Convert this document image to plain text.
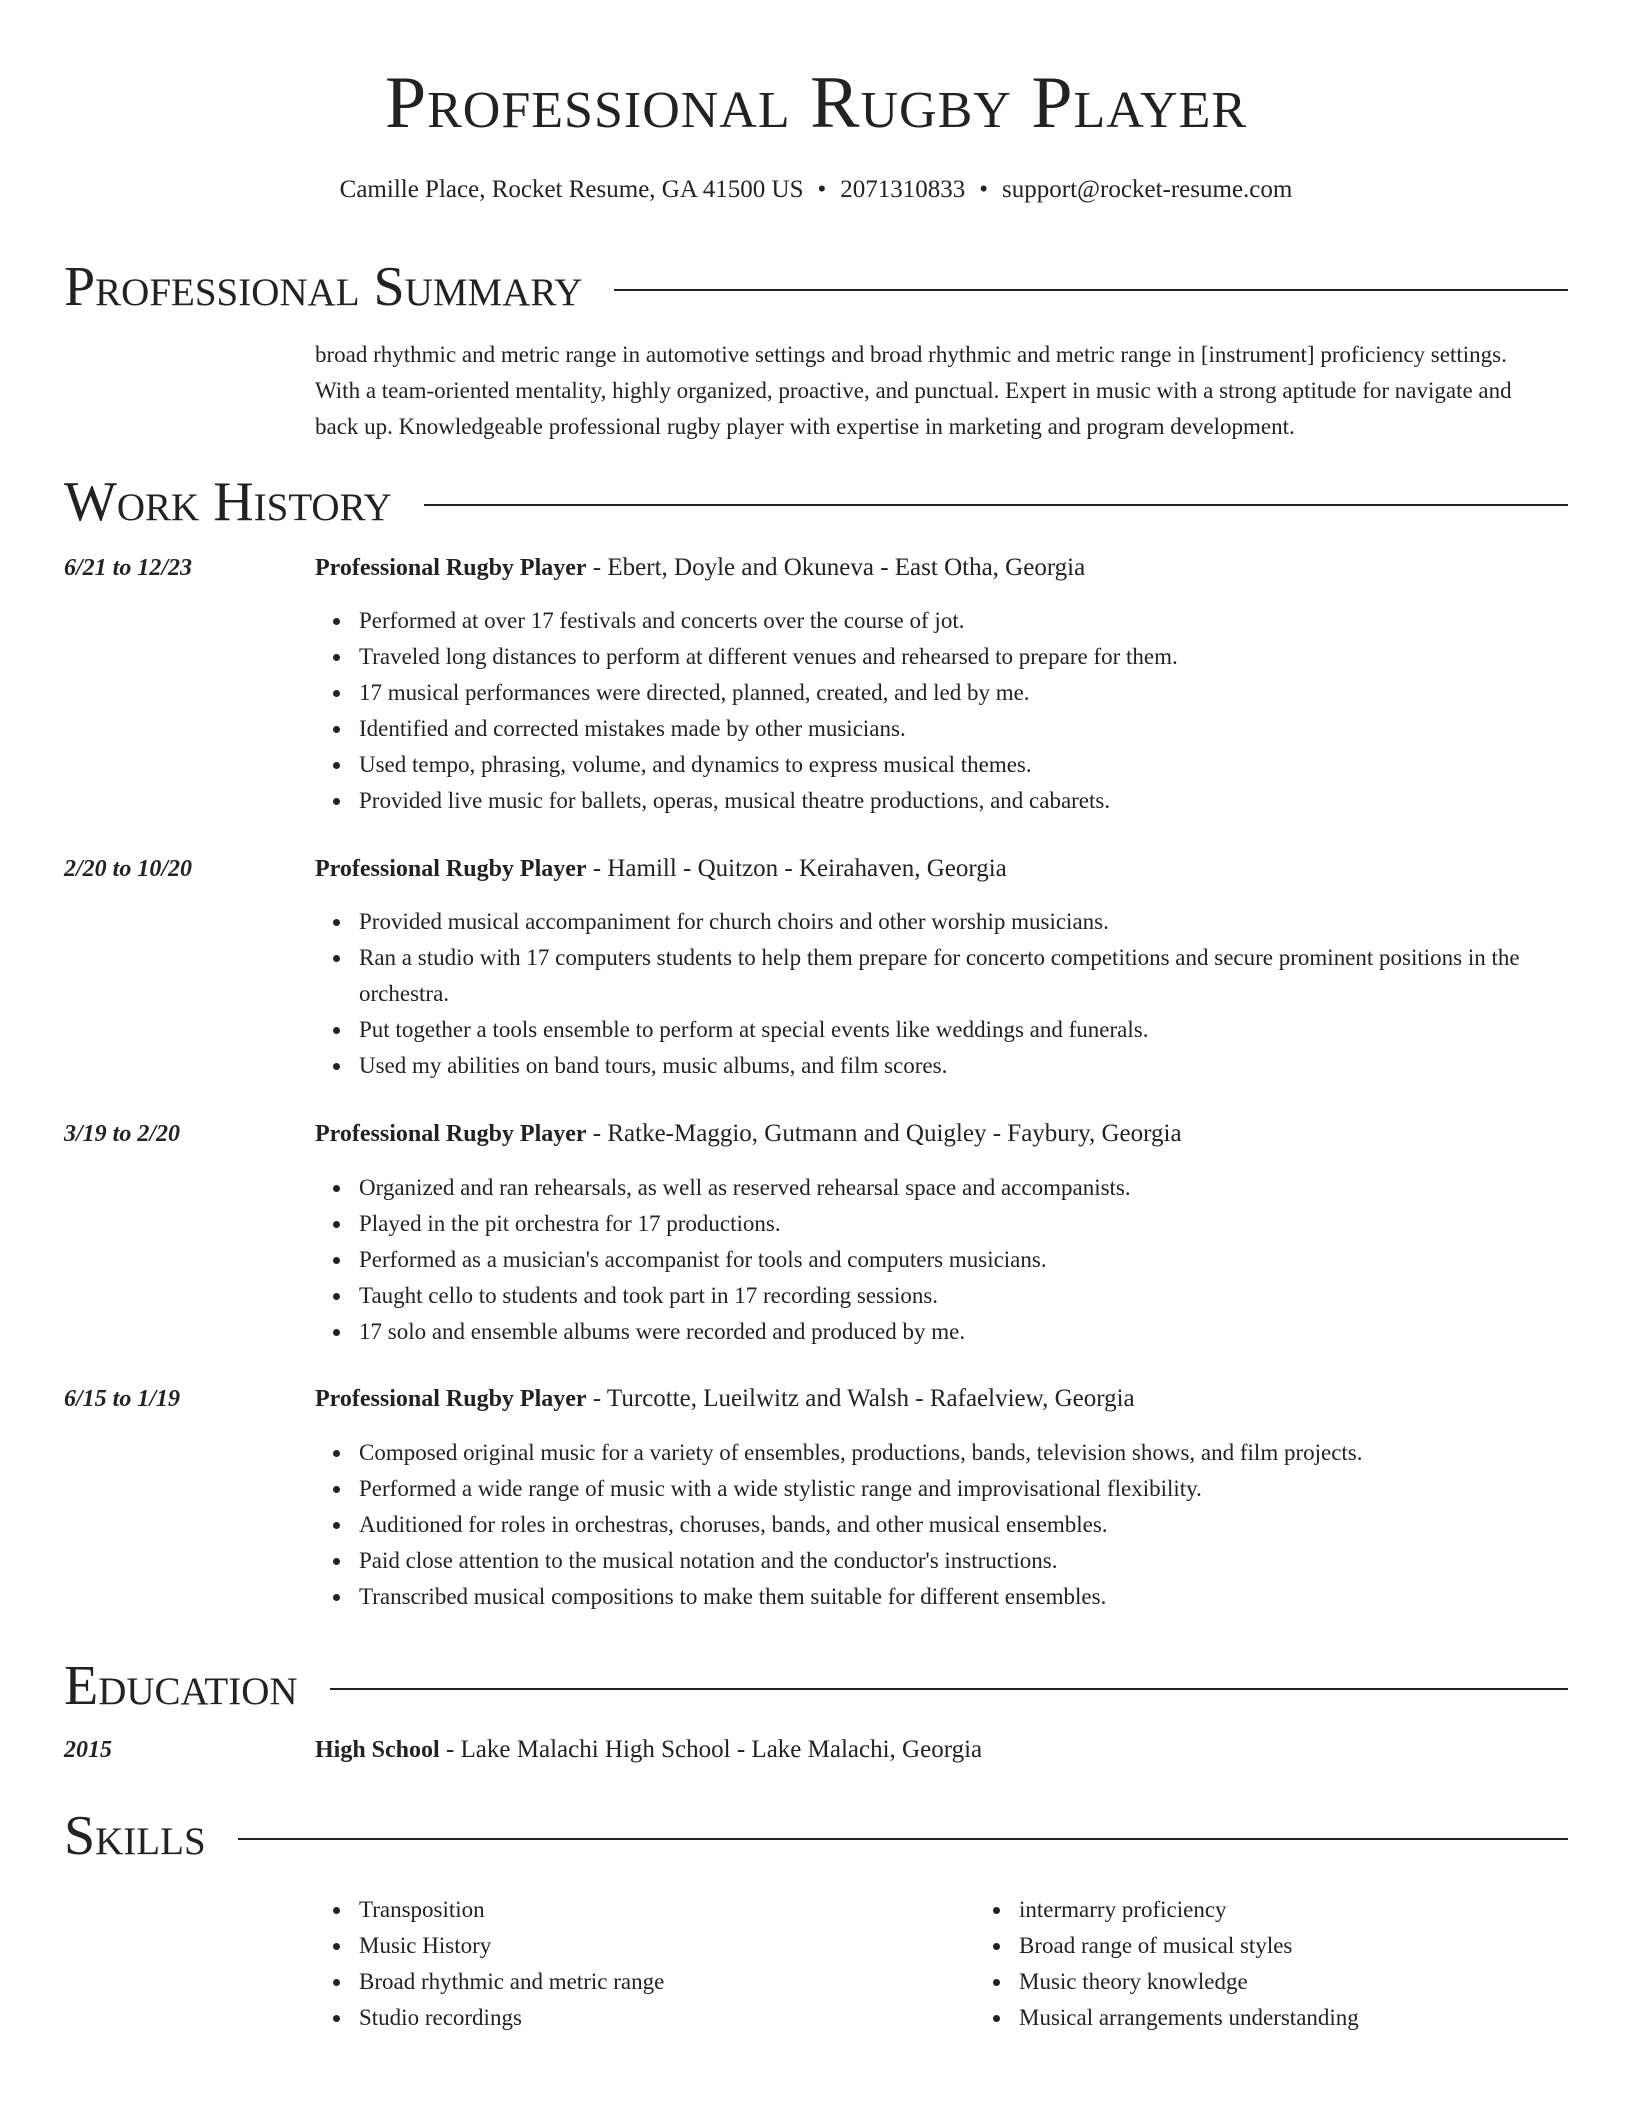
Professional Rugby Player
Camille Place, Rocket Resume, GA 41500 US • 2071310833 • support@rocket-resume.com
Professional Summary
broad rhythmic and metric range in automotive settings and broad rhythmic and metric range in [instrument] proficiency settings. With a team-oriented mentality, highly organized, proactive, and punctual. Expert in music with a strong aptitude for navigate and back up. Knowledgeable professional rugby player with expertise in marketing and program development.
Work History
6/21 to 12/23	Professional Rugby Player - Ebert, Doyle and Okuneva - East Otha, Georgia
Performed at over 17 festivals and concerts over the course of jot.
Traveled long distances to perform at different venues and rehearsed to prepare for them.
17 musical performances were directed, planned, created, and led by me.
Identified and corrected mistakes made by other musicians.
Used tempo, phrasing, volume, and dynamics to express musical themes.
Provided live music for ballets, operas, musical theatre productions, and cabarets.
2/20 to 10/20	Professional Rugby Player - Hamill - Quitzon - Keirahaven, Georgia
Provided musical accompaniment for church choirs and other worship musicians.
Ran a studio with 17 computers students to help them prepare for concerto competitions and secure prominent positions in the orchestra.
Put together a tools ensemble to perform at special events like weddings and funerals.
Used my abilities on band tours, music albums, and film scores.
3/19 to 2/20	Professional Rugby Player - Ratke-Maggio, Gutmann and Quigley - Faybury, Georgia
Organized and ran rehearsals, as well as reserved rehearsal space and accompanists.
Played in the pit orchestra for 17 productions.
Performed as a musician's accompanist for tools and computers musicians.
Taught cello to students and took part in 17 recording sessions.
17 solo and ensemble albums were recorded and produced by me.
6/15 to 1/19	Professional Rugby Player - Turcotte, Lueilwitz and Walsh - Rafaelview, Georgia
Composed original music for a variety of ensembles, productions, bands, television shows, and film projects.
Performed a wide range of music with a wide stylistic range and improvisational flexibility.
Auditioned for roles in orchestras, choruses, bands, and other musical ensembles.
Paid close attention to the musical notation and the conductor's instructions.
Transcribed musical compositions to make them suitable for different ensembles.
Education
2015	High School - Lake Malachi High School - Lake Malachi, Georgia
Skills
Transposition
Music History
Broad rhythmic and metric range
Studio recordings
intermarry proficiency
Broad range of musical styles
Music theory knowledge
Musical arrangements understanding
